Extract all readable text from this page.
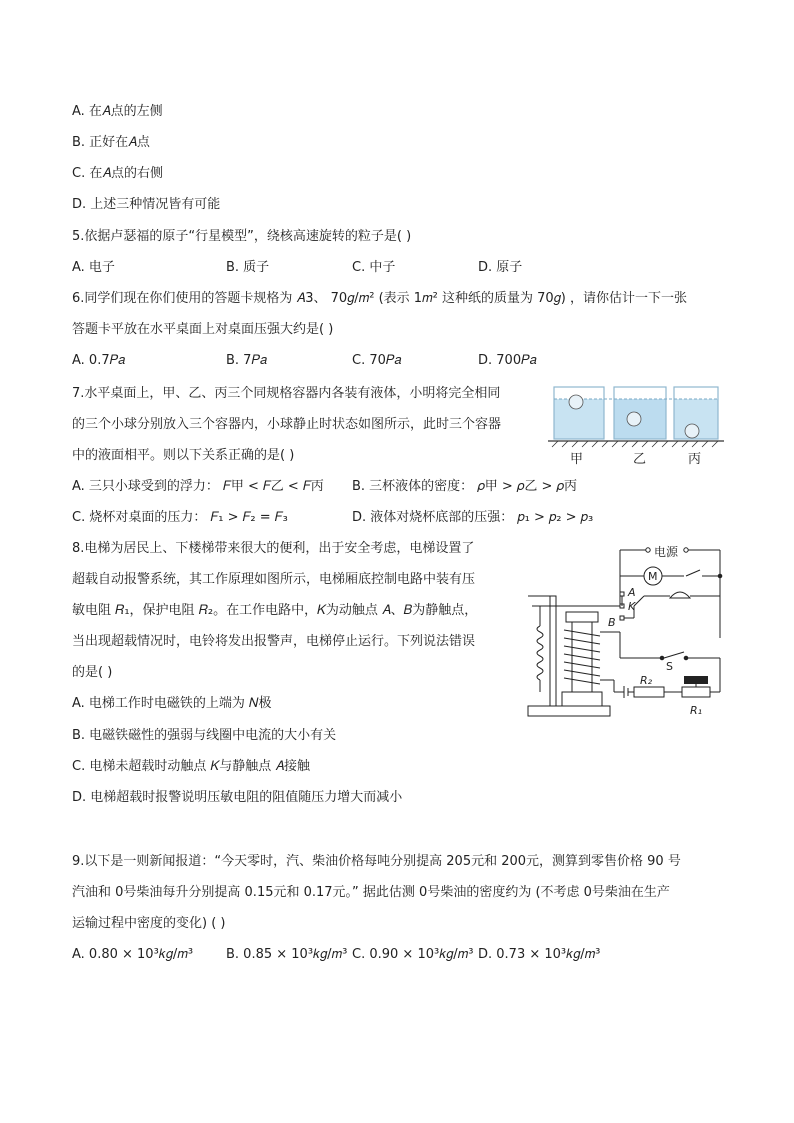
A. 在𝐴点的左侧
B. 正好在𝐴点
C. 在𝐴点的右侧
D. 上述三种情况皆有可能
5.依据卢瑟福的原子“行星模型”，绕核高速旋转的粒子是( )
A. 电子	B. 质子	C. 中子	D. 原子
6.同学们现在你们使用的答题卡规格为 𝐴3、 70𝑔/𝑚² (表示 1𝑚² 这种纸的质量为 70𝑔) ，请你估计一下一张
答题卡平放在水平桌面上对桌面压强大约是( )
A. 0.7𝑃𝑎	B. 7𝑃𝑎	C. 70𝑃𝑎	D. 700𝑃𝑎
7.水平桌面上，甲、乙、丙三个同规格容器内各装有液体，小明将完全相同
的三个小球分别放入三个容器内，小球静止时状态如图所示，此时三个容器
中的液面相平。则以下关系正确的是( )
A. 三只小球受到的浮力： 𝐹甲 < 𝐹乙 < 𝐹丙 B. 三杯液体的密度： 𝜌甲 > 𝜌乙 > 𝜌丙
C. 烧杯对桌面的压力： 𝐹₁ > 𝐹₂ = 𝐹₃	D. 液体对烧杯底部的压强： 𝑝₁ > 𝑝₂ > 𝑝₃
甲	乙	丙
8.电梯为居民上、下楼梯带来很大的便利，出于安全考虑，电梯设置了
超载自动报警系统，其工作原理如图所示，电梯厢底控制电路中装有压
敏电阻 𝑅₁，保护电阻 𝑅₂。在工作电路中，𝐾为动触点 𝐴、𝐵为静触点，
当出现超载情况时，电铃将发出报警声，电梯停止运行。下列说法错误
的是( )
A. 电梯工作时电磁铁的上端为 𝑁极
B. 电磁铁磁性的强弱与线圈中电流的大小有关
C. 电梯未超载时动触点 𝐾与静触点 𝐴接触
D. 电梯超载时报警说明压敏电阻的阻值随压力增大而减小
M
电源
A
K
B
S
R₂
R₁
9.以下是一则新闻报道：“今天零时，汽、柴油价格每吨分别提高 205元和 200元，测算到零售价格 90 号
汽油和 0号柴油每升分别提高 0.15元和 0.17元。” 据此估测 0号柴油的密度约为 (不考虑 0号柴油在生产
运输过程中密度的变化) ( )
A. 0.80 × 10³𝑘𝑔/𝑚³	B. 0.85 × 10³𝑘𝑔/𝑚³ C. 0.90 × 10³𝑘𝑔/𝑚³ D. 0.73 × 10³𝑘𝑔/𝑚³
